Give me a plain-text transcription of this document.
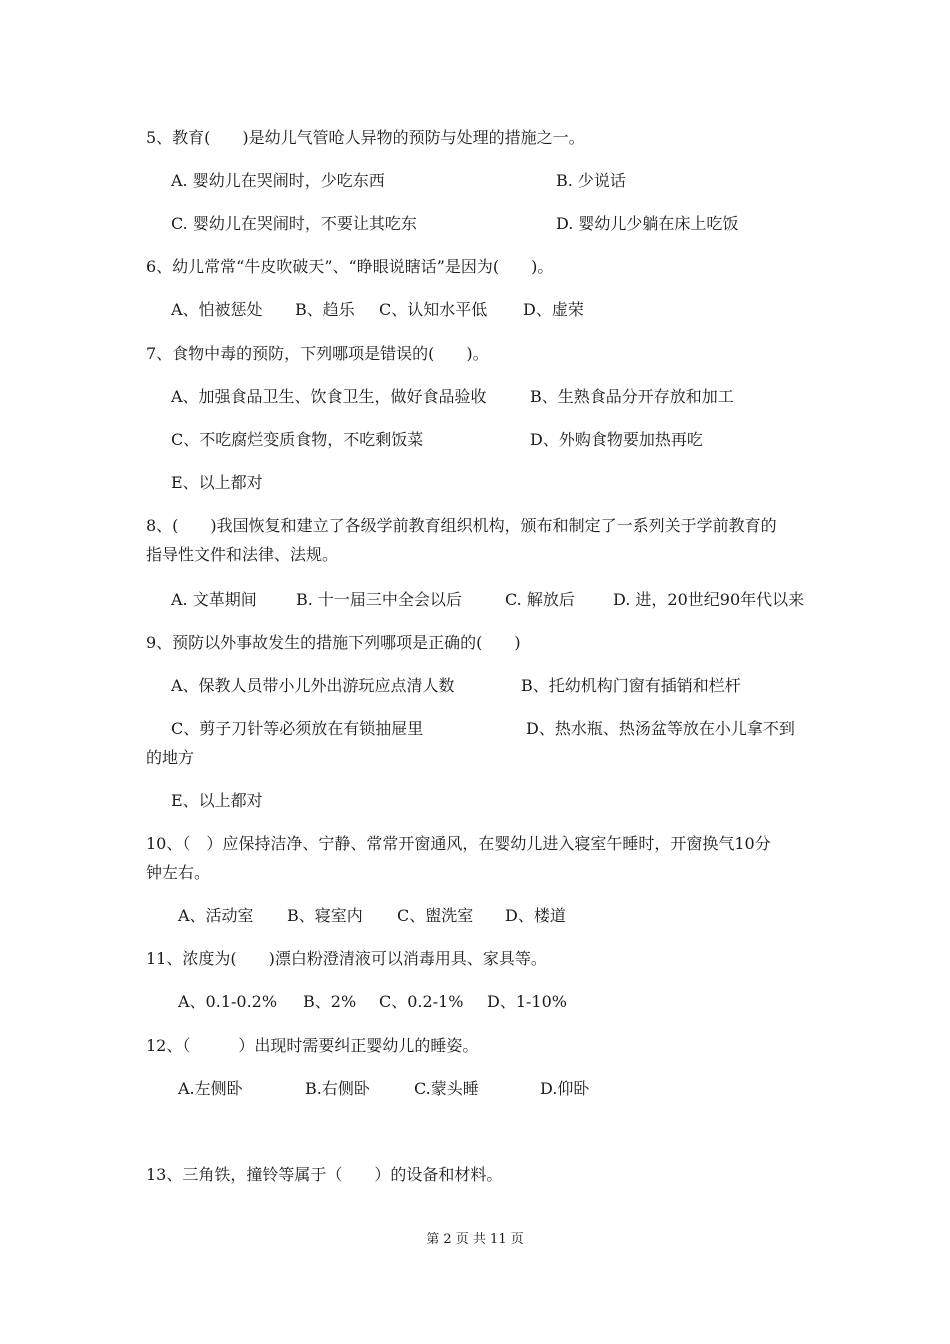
5、教育(　　)是幼儿气管呛人异物的预防与处理的措施之一。
A. 婴幼儿在哭闹时，少吃东西	B. 少说话
C. 婴幼儿在哭闹时，不要让其吃东	D. 婴幼儿少躺在床上吃饭
6、幼儿常常“牛皮吹破天”、“睁眼说瞎话”是因为(　　)。
A、怕被惩处 B、趋乐 C、认知水平低 D、虚荣
7、食物中毒的预防，下列哪项是错误的(　　)。
A、加强食品卫生、饮食卫生，做好食品验收	B、生熟食品分开存放和加工
C、不吃腐烂变质食物，不吃剩饭菜	D、外购食物要加热再吃
E、以上都对
8、(　　)我国恢复和建立了各级学前教育组织机构，颁布和制定了一系列关于学前教育的
指导性文件和法律、法规。
A. 文革期间 B. 十一届三中全会以后	C. 解放后 D. 进，20世纪90年代以来
9、预防以外事故发生的措施下列哪项是正确的(　　)
A、保教人员带小儿外出游玩应点清人数	B、托幼机构门窗有插销和栏杆
C、剪子刀针等必须放在有锁抽屉里	D、热水瓶、热汤盆等放在小儿拿不到
的地方
E、以上都对
10、（　）应保持洁净、宁静、常常开窗通风，在婴幼儿进入寝室午睡时，开窗换气10分
钟左右。
A、活动室 B、寝室内 C、盥洗室 D、楼道
11、浓度为(　　)漂白粉澄清液可以消毒用具、家具等。
A、0.1-0.2% B、2% C、0.2-1% D、1-10%
12、（　　　）出现时需要纠正婴幼儿的睡姿。
A.左侧卧	B.右侧卧	C.蒙头睡	D.仰卧
13、三角铁，撞铃等属于（　　）的设备和材料。
第 2 页 共 11 页
